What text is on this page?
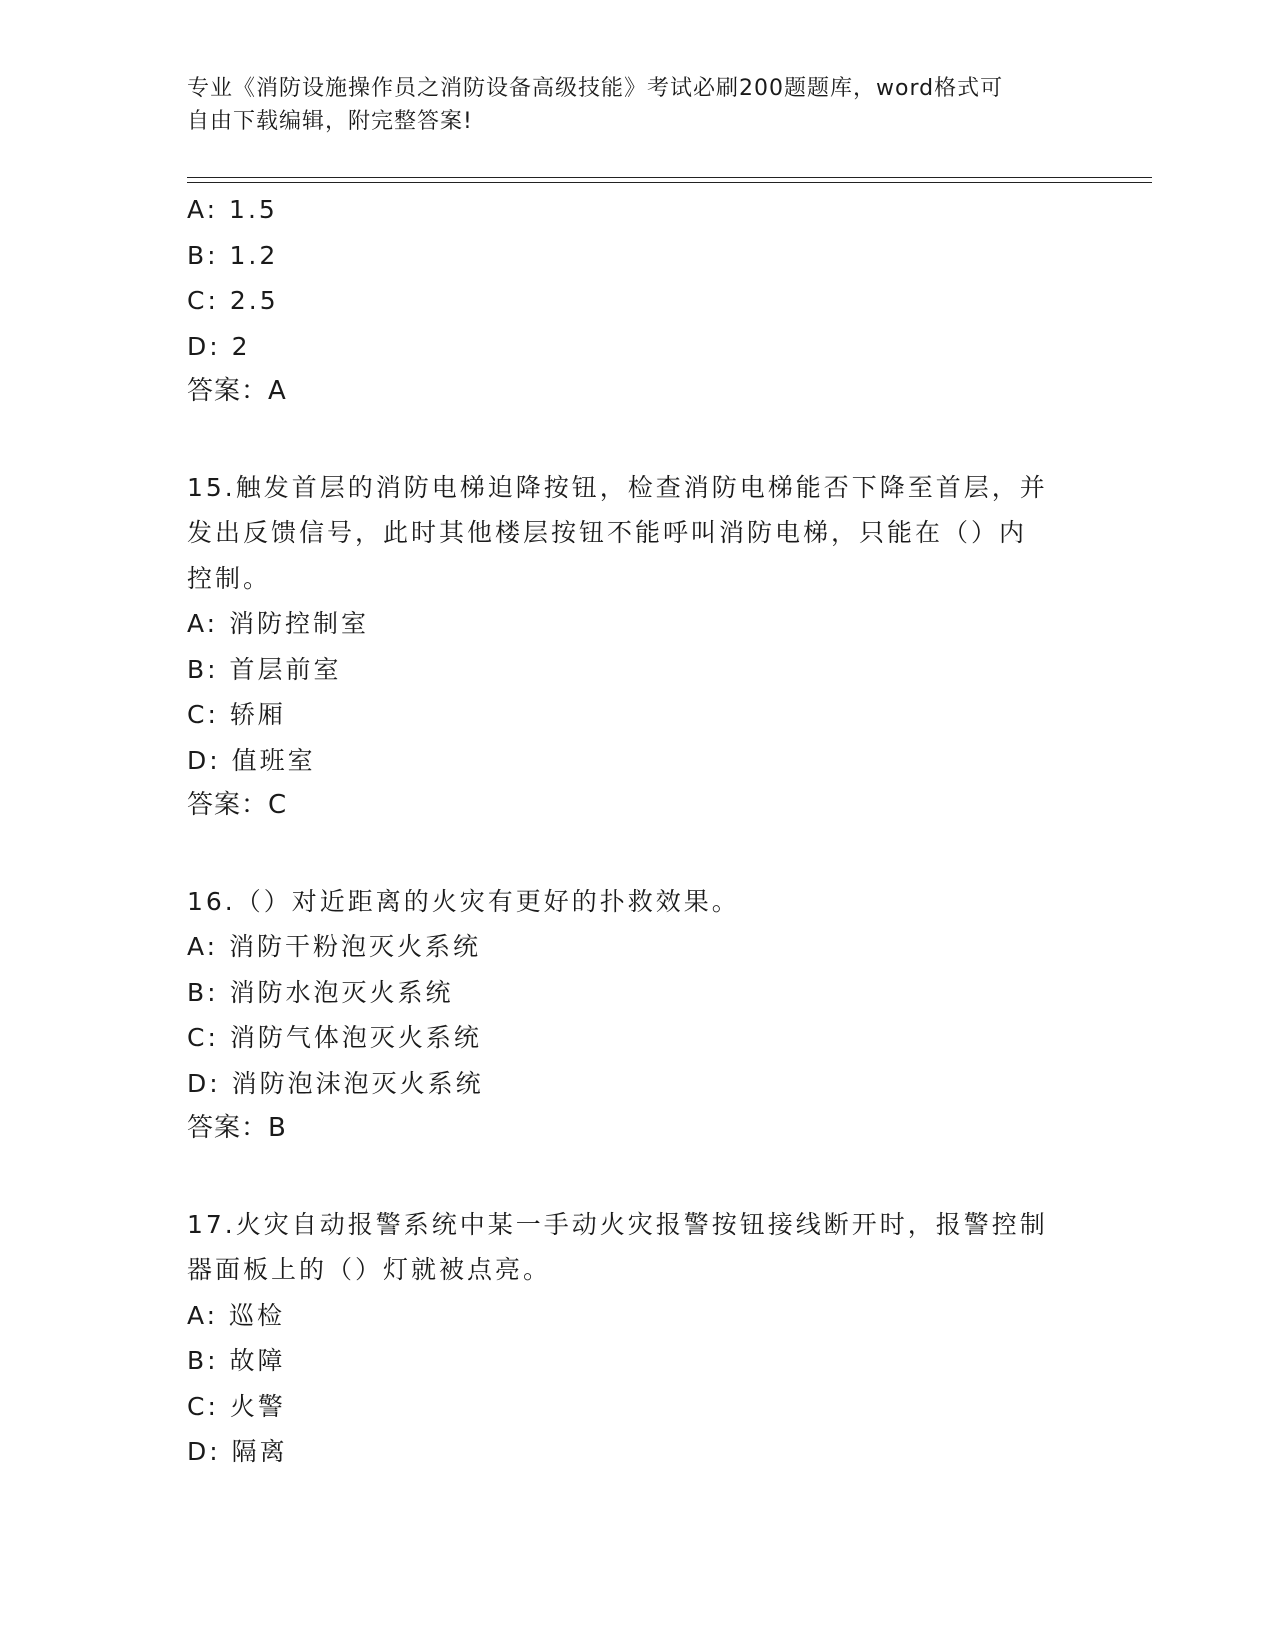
专业《消防设施操作员之消防设备高级技能》考试必刷200题题库，word格式可
自由下载编辑，附完整答案!
A: 1.5
B: 1.2
C: 2.5
D: 2
答案：A
15.触发首层的消防电梯迫降按钮，检查消防电梯能否下降至首层，并
发出反馈信号，此时其他楼层按钮不能呼叫消防电梯，只能在（）内
控制。
A: 消防控制室
B: 首层前室
C: 轿厢
D: 值班室
答案：C
16.（）对近距离的火灾有更好的扑救效果。
A: 消防干粉泡灭火系统
B: 消防水泡灭火系统
C: 消防气体泡灭火系统
D: 消防泡沫泡灭火系统
答案：B
17.火灾自动报警系统中某一手动火灾报警按钮接线断开时，报警控制
器面板上的（）灯就被点亮。
A: 巡检
B: 故障
C: 火警
D: 隔离
